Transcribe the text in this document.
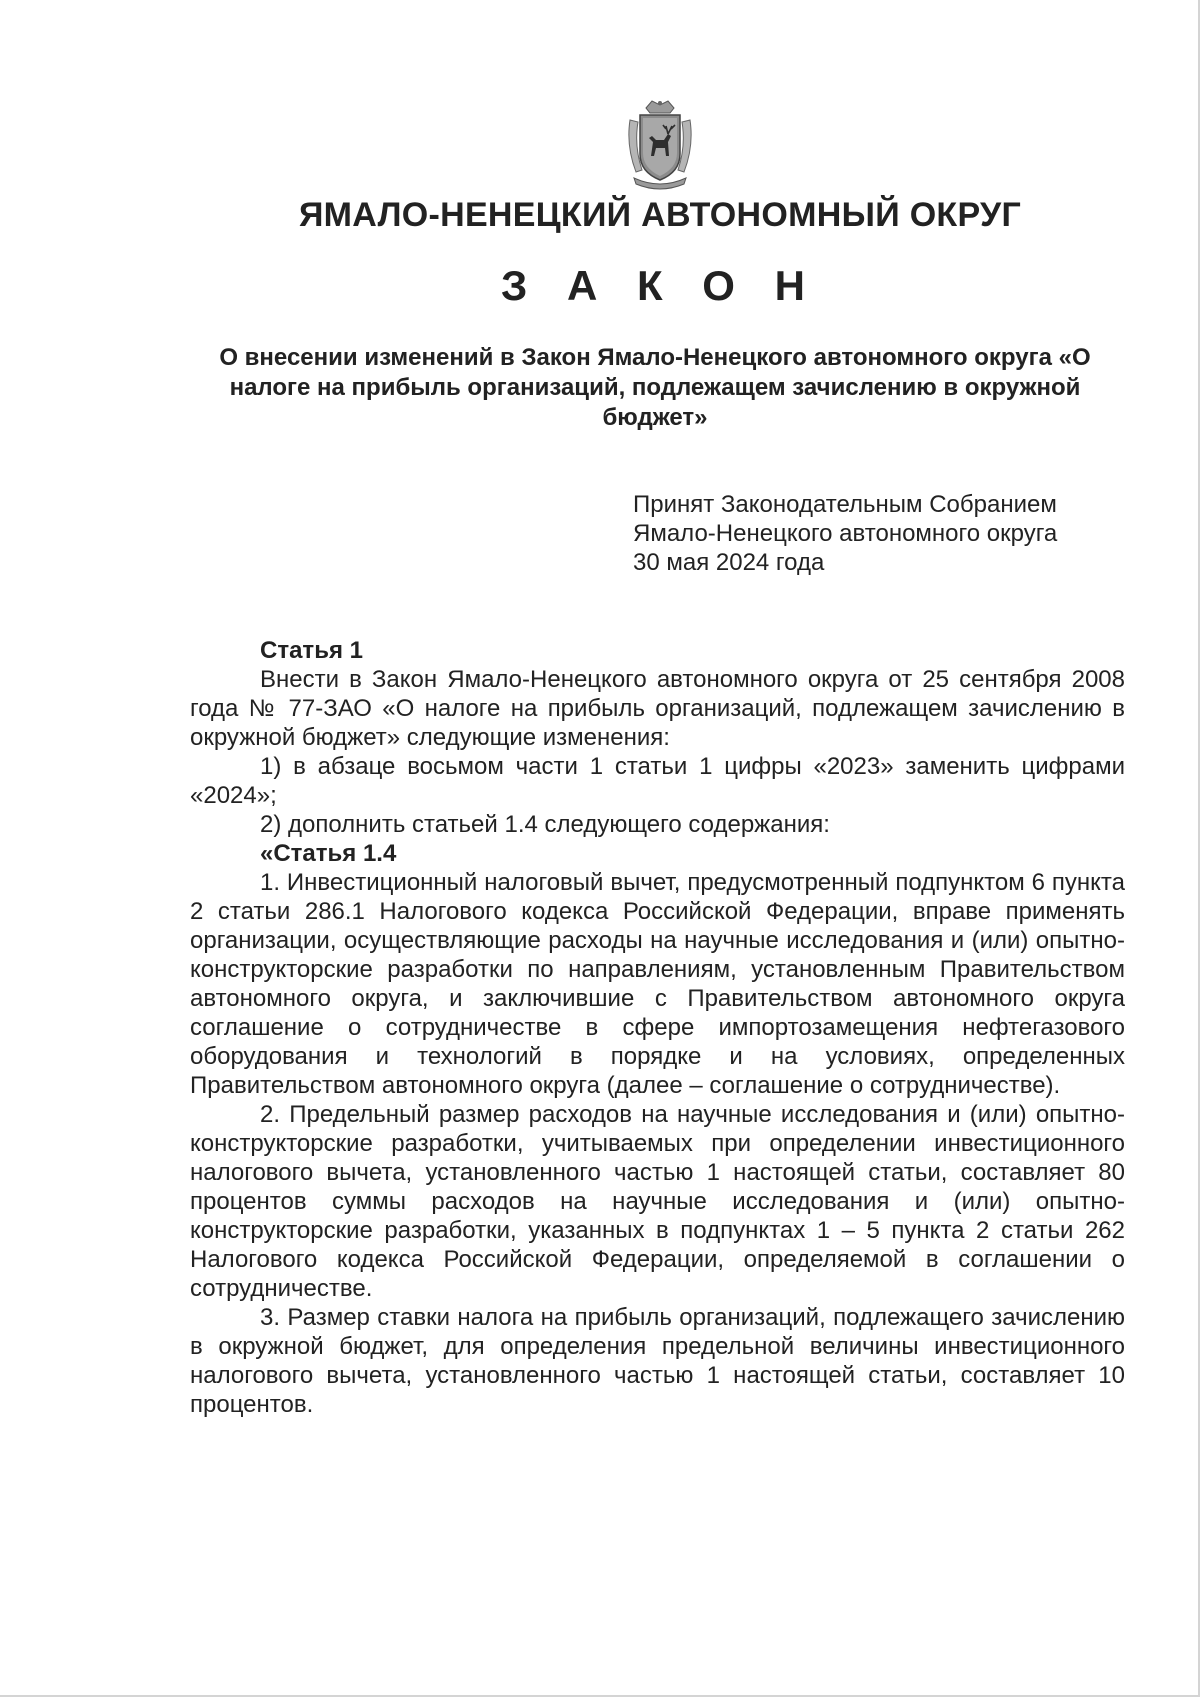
ЯМАЛО-НЕНЕЦКИЙ АВТОНОМНЫЙ ОКРУГ
З А К О Н
О внесении изменений в Закон Ямало-Ненецкого автономного округа «О налоге на прибыль организаций, подлежащем зачислению в окружной бюджет»
Принят Законодательным Собранием
Ямало-Ненецкого автономного округа
30 мая 2024 года

Статья 1

Внести в Закон Ямало-Ненецкого автономного округа от 25 сентября 2008 года № 77-ЗАО «О налоге на прибыль организаций, подлежащем зачислению в окружной бюджет» следующие изменения:

1) в абзаце восьмом части 1 статьи 1 цифры «2023» заменить цифрами «2024»;

2) дополнить статьей 1.4 следующего содержания:

«Статья 1.4

1. Инвестиционный налоговый вычет, предусмотренный подпунктом 6 пункта 2 статьи 286.1 Налогового кодекса Российской Федерации, вправе применять организации, осуществляющие расходы на научные исследования и (или) опытно-конструкторские разработки по направлениям, установленным Правительством автономного округа, и заключившие с Правительством автономного округа соглашение о сотрудничестве в сфере импортозамещения нефтегазового оборудования и технологий в порядке и на условиях, определенных Правительством автономного округа (далее – соглашение о сотрудничестве).

2. Предельный размер расходов на научные исследования и (или) опытно-конструкторские разработки, учитываемых при определении инвестиционного налогового вычета, установленного частью 1 настоящей статьи, составляет 80 процентов суммы расходов на научные исследования и (или) опытно-конструкторские разработки, указанных в подпунктах 1 – 5 пункта 2 статьи 262 Налогового кодекса Российской Федерации, определяемой в соглашении о сотрудничестве.

3. Размер ставки налога на прибыль организаций, подлежащего зачислению в окружной бюджет, для определения предельной величины инвестиционного налогового вычета, установленного частью 1 настоящей статьи, составляет 10 процентов.
